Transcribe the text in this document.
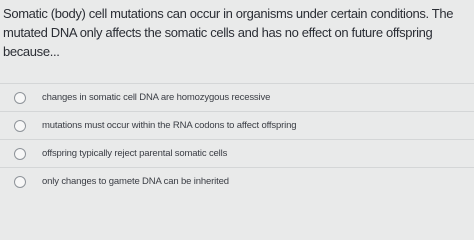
Somatic (body) cell mutations can occur in organisms under certain conditions. The mutated DNA only affects the somatic cells and has no effect on future offspring because...
changes in somatic cell DNA are homozygous recessive
mutations must occur within the RNA codons to affect offspring
offspring typically reject parental somatic cells
only changes to gamete DNA can be inherited
